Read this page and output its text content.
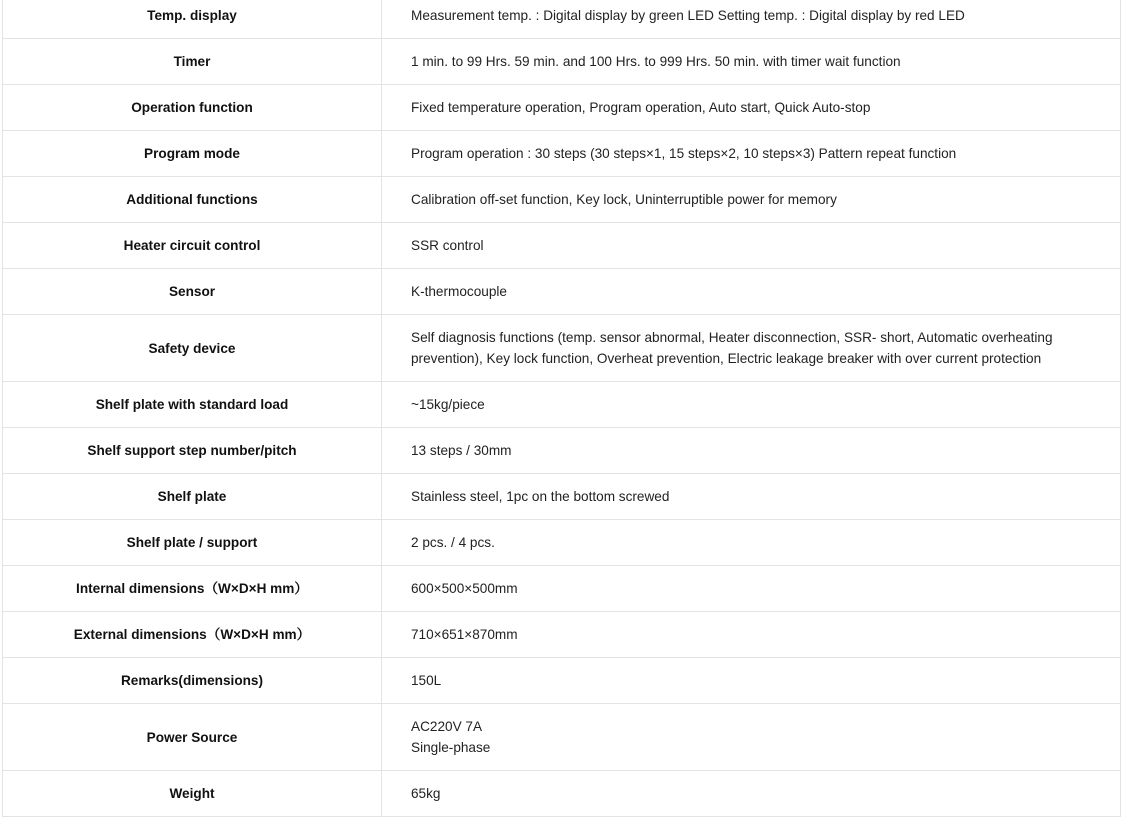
Temp. display	Measurement temp. : Digital display by green LED Setting temp. : Digital display by red LED

Timer	1 min. to 99 Hrs. 59 min. and 100 Hrs. to 999 Hrs. 50 min. with timer wait function

Operation function	Fixed temperature operation, Program operation, Auto start, Quick Auto-stop

Program mode	Program operation : 30 steps (30 steps×1, 15 steps×2, 10 steps×3) Pattern repeat function

Additional functions	Calibration off-set function, Key lock, Uninterruptible power for memory

Heater circuit control	SSR control

Sensor	K-thermocouple

Safety device	Self diagnosis functions (temp. sensor abnormal, Heater disconnection, SSR- short, Automatic overheating prevention), Key lock function, Overheat prevention, Electric leakage breaker with over current protection

Shelf plate with standard load	~15kg/piece

Shelf support step number/pitch	13 steps / 30mm

Shelf plate	Stainless steel, 1pc on the bottom screwed

Shelf plate / support	2 pcs. / 4 pcs.

Internal dimensions（W×D×H mm）	600×500×500mm

External dimensions（W×D×H mm）	710×651×870mm

Remarks(dimensions)	150L

Power Source	AC220V 7A
Single-phase

Weight	65kg
